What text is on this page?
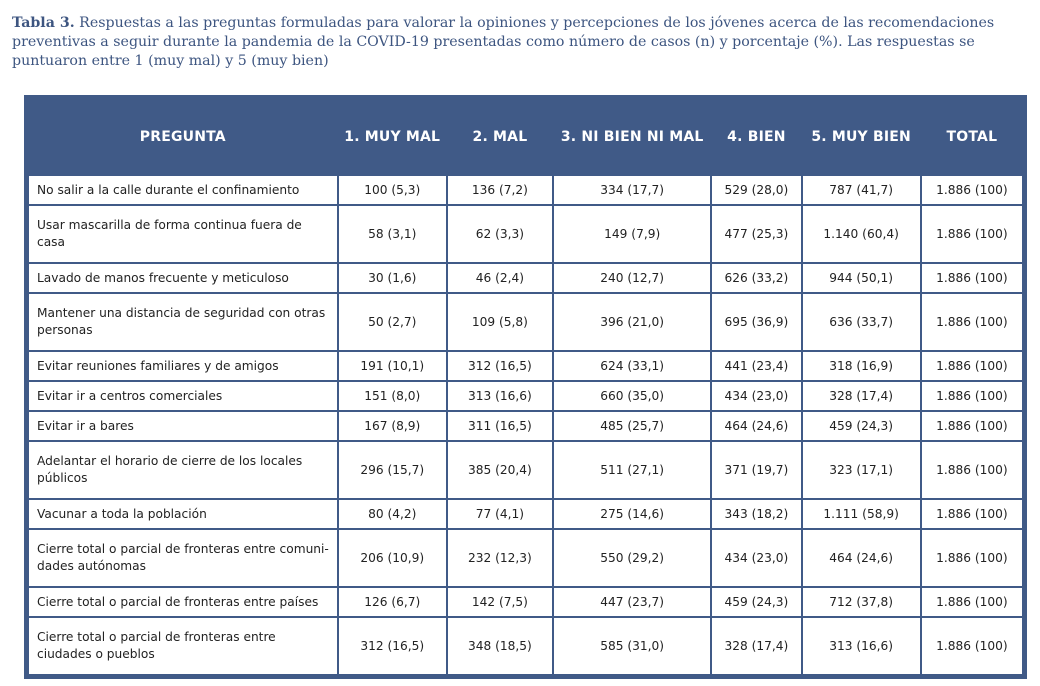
Tabla 3. Respuestas a las preguntas formuladas para valorar la opiniones y percepciones de los jóvenes acerca de las recomendaciones preventivas a seguir durante la pandemia de la COVID-19 presentadas como número de casos (n) y porcentaje (%). Las respuestas se puntuaron entre 1 (muy mal) y 5 (muy bien)
PREGUNTA	1. MUY MAL	2. MAL	3. NI BIEN NI MAL	4. BIEN	5. MUY BIEN	TOTAL
No salir a la calle durante el confinamiento	100 (5,3)	136 (7,2)	334 (17,7)	529 (28,0)	787 (41,7)	1.886 (100)
Usar mascarilla de forma continua fuera de casa	58 (3,1)	62 (3,3)	149 (7,9)	477 (25,3)	1.140 (60,4)	1.886 (100)
Lavado de manos frecuente y meticuloso	30 (1,6)	46 (2,4)	240 (12,7)	626 (33,2)	944 (50,1)	1.886 (100)
Mantener una distancia de seguridad con otras personas	50 (2,7)	109 (5,8)	396 (21,0)	695 (36,9)	636 (33,7)	1.886 (100)
Evitar reuniones familiares y de amigos	191 (10,1)	312 (16,5)	624 (33,1)	441 (23,4)	318 (16,9)	1.886 (100)
Evitar ir a centros comerciales	151 (8,0)	313 (16,6)	660 (35,0)	434 (23,0)	328 (17,4)	1.886 (100)
Evitar ir a bares	167 (8,9)	311 (16,5)	485 (25,7)	464 (24,6)	459 (24,3)	1.886 (100)
Adelantar el horario de cierre de los locales públicos	296 (15,7)	385 (20,4)	511 (27,1)	371 (19,7)	323 (17,1)	1.886 (100)
Vacunar a toda la población	80 (4,2)	77 (4,1)	275 (14,6)	343 (18,2)	1.111 (58,9)	1.886 (100)
Cierre total o parcial de fronteras entre comuni-dades autónomas	206 (10,9)	232 (12,3)	550 (29,2)	434 (23,0)	464 (24,6)	1.886 (100)
Cierre total o parcial de fronteras entre países	126 (6,7)	142 (7,5)	447 (23,7)	459 (24,3)	712 (37,8)	1.886 (100)
Cierre total o parcial de fronteras entre ciudades o pueblos	312 (16,5)	348 (18,5)	585 (31,0)	328 (17,4)	313 (16,6)	1.886 (100)
